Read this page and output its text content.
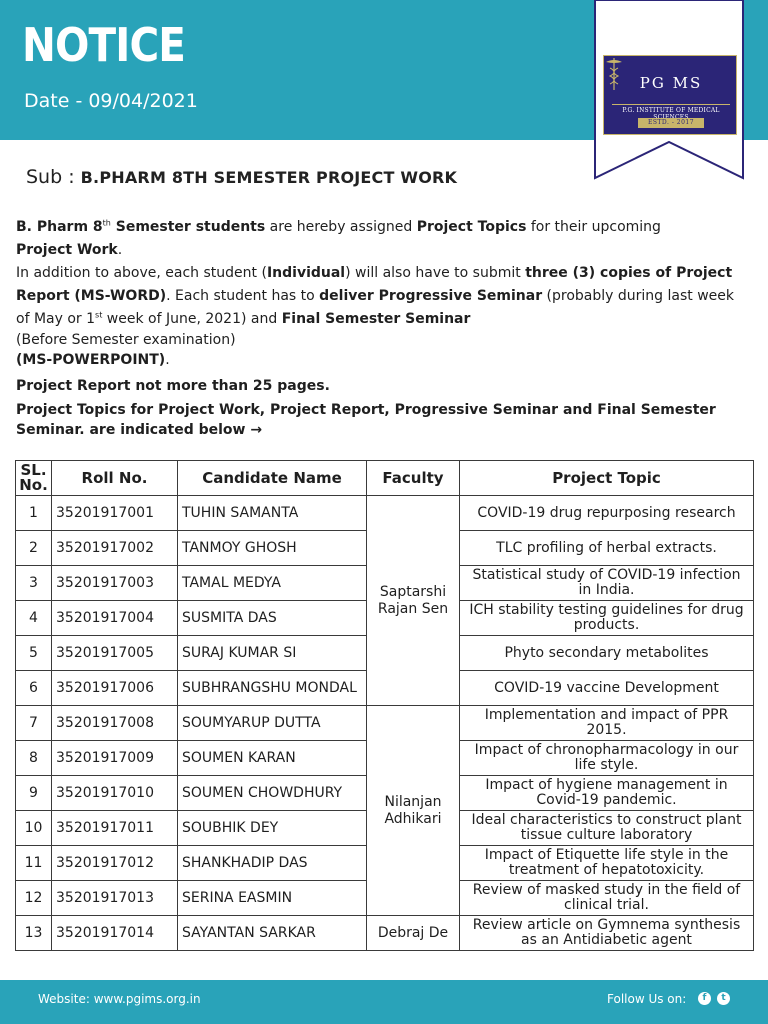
NOTICE
Date - 09/04/2021
PG MS
P.G. INSTITUTE OF MEDICAL
ESTD. - 2017
Sub : B.PHARM 8TH SEMESTER PROJECT WORK
B. Pharm 8th Semester students are hereby assigned Project Topics for their upcoming
Project Work.
In addition to above, each student (Individual) will also have to submit three (3) copies of Project
Report (MS-WORD). Each student has to deliver Progressive Seminar (probably during last week
of May or 1st week of June, 2021) and Final Semester Seminar
(Before Semester examination)
(MS-POWERPOINT).
Project Report not more than 25 pages.
Project Topics for Project Work, Project Report, Progressive Seminar and Final Semester Seminar. are indicated below →
SL. No.	Roll No.	Candidate Name	Faculty	Project Topic
1	35201917001	TUHIN SAMANTA	Saptarshi Rajan Sen	COVID-19 drug repurposing research
2	35201917002	TANMOY GHOSH		TLC profiling of herbal extracts.
3	35201917003	TAMAL MEDYA		Statistical study of COVID-19 infection in India.
4	35201917004	SUSMITA DAS		ICH stability testing guidelines for drug products.
5	35201917005	SURAJ KUMAR SI		Phyto secondary metabolites
6	35201917006	SUBHRANGSHU MONDAL		COVID-19 vaccine Development
7	35201917008	SOUMYARUP DUTTA	Nilanjan Adhikari	Implementation and impact of PPR 2015.
8	35201917009	SOUMEN KARAN		Impact of chronopharmacology in our life style.
9	35201917010	SOUMEN CHOWDHURY		Impact of hygiene management in Covid-19 pandemic.
10	35201917011	SOUBHIK DEY		Ideal characteristics to construct plant tissue culture laboratory
11	35201917012	SHANKHADIP DAS		Impact of Etiquette life style in the treatment of hepatotoxicity.
12	35201917013	SERINA EASMIN		Review of masked study in the field of clinical trial.
13	35201917014	SAYANTAN SARKAR	Debraj De	Review article on Gymnema synthesis as an Antidiabetic agent
Website: www.pgims.org.in	Follow Us on:	f	t
